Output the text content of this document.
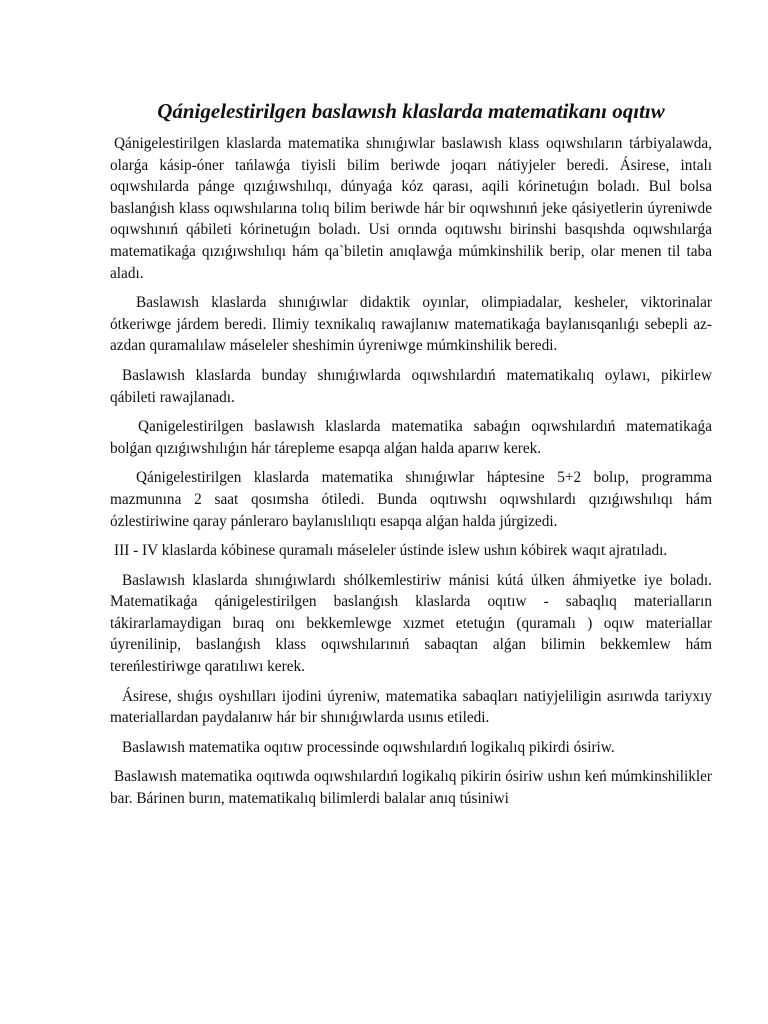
Qánigelestirilgen baslawısh klaslarda matematikanı oqıtıw

Qánigelestirilgen klaslarda matematika shınıǵıwlar baslawısh klass oqıwshıların tárbiyalawda, olarǵa kásip-óner tańlawǵa tiyisli bilim beriwde joqarı nátiyjeler beredi. Ásirese, intalı oqıwshılarda pánge qızıǵıwshılıqı, dúnyaǵa kóz qarası, aqili kórinetuǵın boladı. Bul bolsa baslanǵısh klass oqıwshılarına tolıq bilim beriwde hár bir oqıwshınıń jeke qásiyetlerin úyreniwde oqıwshınıń qábileti kórinetuǵın boladı. Usi orında oqıtıwshı birinshi basqıshda oqıwshılarǵa matematikaǵa qızıǵıwshılıqı hám qa`biletin anıqlawǵa múmkinshilik berip, olar menen til taba aladı.

Baslawısh klaslarda shınıǵıwlar didaktik oyınlar, olimpiadalar, kesheler, viktorinalar ótkeriwge járdem beredi. Ilimiy texnikalıq rawajlanıw matematikaǵa baylanısqanlıǵı sebepli az-azdan quramalılaw máseleler sheshimin úyreniwge múmkinshilik beredi.

Baslawısh klaslarda bunday shınıǵıwlarda oqıwshılardıń matematikalıq oylawı, pikirlew qábileti rawajlanadı.

Qanigelestirilgen baslawısh klaslarda matematika sabaǵın oqıwshılardıń matematikaǵa bolǵan qızıǵıwshılıǵın hár tárepleme esapqa alǵan halda aparıw kerek.

Qánigelestirilgen klaslarda matematika shınıǵıwlar háptesine 5+2 bolıp, programma mazmunına 2 saat qosımsha ótiledi. Bunda oqıtıwshı oqıwshılardı qızıǵıwshılıqı hám ózlestiriwine qaray pánleraro baylanıslılıqtı esapqa alǵan halda júrgizedi.

III - IV klaslarda kóbinese quramalı máseleler ústinde islew ushın kóbirek waqıt ajratıladı.

Baslawısh klaslarda shınıǵıwlardı shólkemlestiriw mánisi kútá úlken áhmiyetke iye boladı. Matematikaǵa qánigelestirilgen baslanǵısh klaslarda oqıtıw - sabaqlıq materialların tákirarlamaydigan bıraq onı bekkemlewge xızmet etetuǵın (quramalı ) oqıw materiallar úyrenilinip, baslanǵısh klass oqıwshılarınıń sabaqtan alǵan bilimin bekkemlew hám tereńlestiriwge qaratılıwı kerek.

Ásirese, shıǵıs oyshılları ijodini úyreniw, matematika sabaqları natiyjeliligin asırıwda tariyxıy materiallardan paydalanıw hár bir shınıǵıwlarda usınıs etiledi.

Baslawısh matematika oqıtıw processinde oqıwshılardıń logikalıq pikirdi ósiriw.

Baslawısh matematika oqıtıwda oqıwshılardıń logikalıq pikirin ósiriw ushın keń múmkinshilikler bar. Bárinen burın, matematikalıq bilimlerdi balalar anıq túsiniwi
